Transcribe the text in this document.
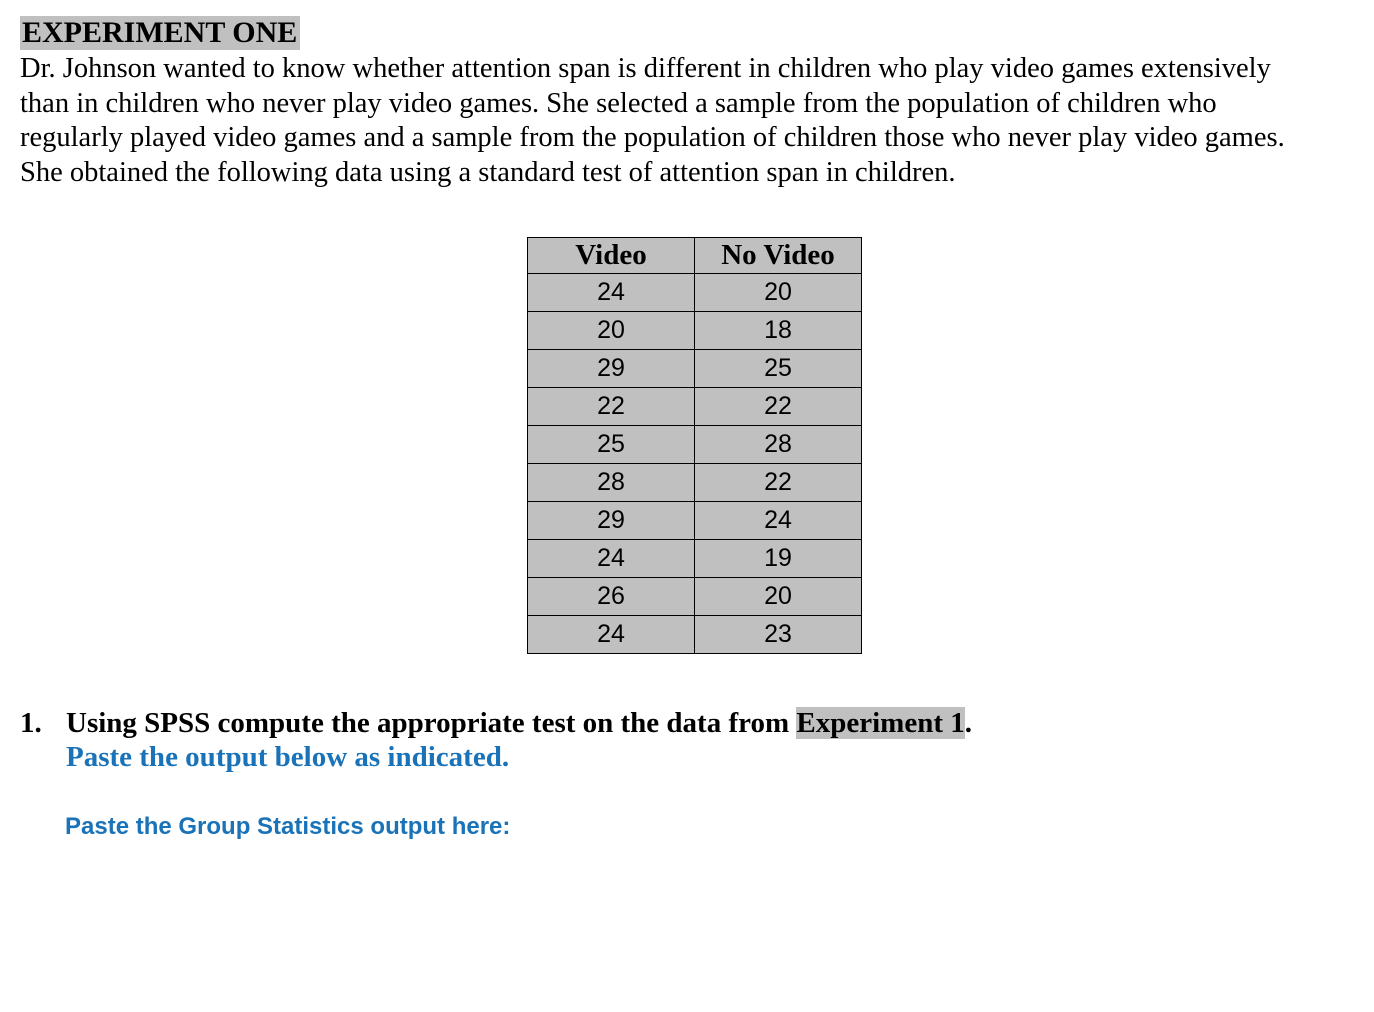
EXPERIMENT ONE

Dr. Johnson wanted to know whether attention span is different in children who play video games extensively
than in children who never play video games. She selected a sample from the population of children who
regularly played video games and a sample from the population of children those who never play video games.
She obtained the following data using a standard test of attention span in children.

Video	No Video
24	20
20	18
29	25
22	22
25	28
28	22
29	24
24	19
26	20
24	23
1. Using SPSS compute the appropriate test on the data from Experiment 1.
Paste the output below as indicated.
Paste the Group Statistics output here:
